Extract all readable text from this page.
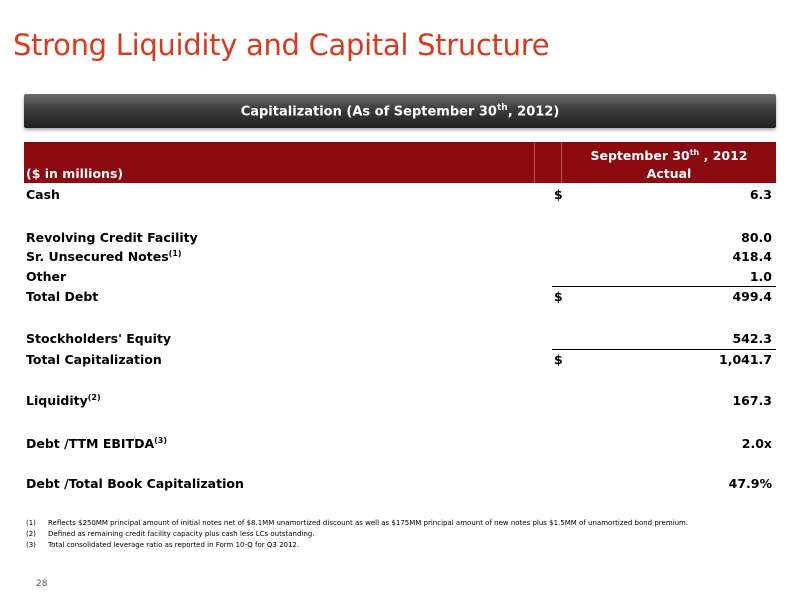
Strong Liquidity and Capital Structure
Capitalization (As of September 30th, 2012)
($ in millions)
September 30th , 2012
Actual
Cash	$	6.3
Revolving Credit Facility	80.0
Sr. Unsecured Notes$^{(1)}$	418.4
Other	1.0
Total Debt	$	499.4
Stockholders' Equity	542.3
Total Capitalization	$	1,041.7
Liquidity$^{(2)}$	167.3
Debt /TTM EBITDA$^{(3)}$	2.0x
Debt /Total Book Capitalization	47.9%
(1)	Reflects $250MM principal amount of initial notes net of $8.1MM unamortized discount as well as $175MM principal amount of new notes plus $1.5MM of unamortized bond premium.
(2)	Defined as remaining credit facility capacity plus cash less LCs outstanding.
(3)	Total consolidated leverage ratio as reported in Form 10-Q for Q3 2012.
28
